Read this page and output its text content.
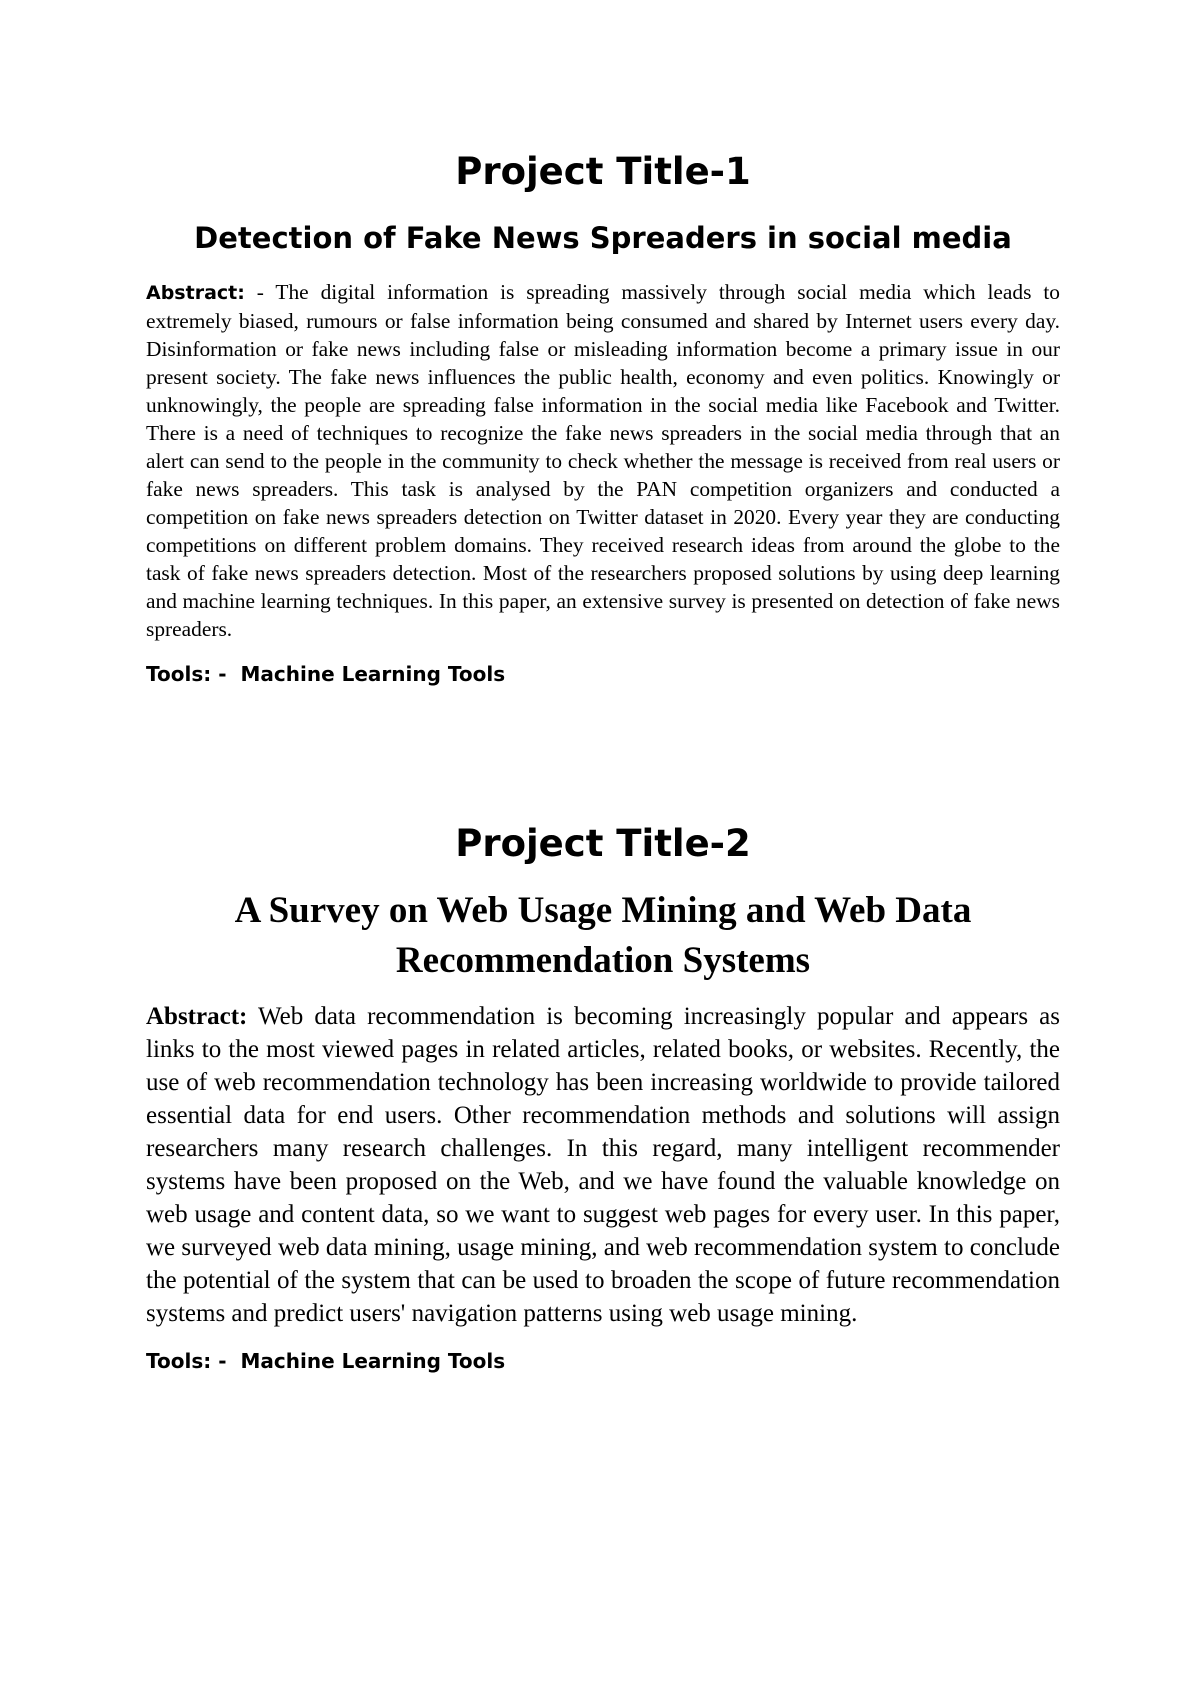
Project Title-1
Detection of Fake News Spreaders in social media

Abstract: - The digital information is spreading massively through social media which leads to extremely biased, rumours or false information being consumed and shared by Internet users every day. Disinformation or fake news including false or misleading information become a primary issue in our present society. The fake news influences the public health, economy and even politics. Knowingly or unknowingly, the people are spreading false information in the social media like Facebook and Twitter. There is a need of techniques to recognize the fake news spreaders in the social media through that an alert can send to the people in the community to check whether the message is received from real users or fake news spreaders. This task is analysed by the PAN competition organizers and conducted a competition on fake news spreaders detection on Twitter dataset in 2020. Every year they are conducting competitions on different problem domains. They received research ideas from around the globe to the task of fake news spreaders detection. Most of the researchers proposed solutions by using deep learning and machine learning techniques. In this paper, an extensive survey is presented on detection of fake news spreaders.

Tools: - Machine Learning Tools

Project Title-2
A Survey on Web Usage Mining and Web Data Recommendation Systems

Abstract: Web data recommendation is becoming increasingly popular and appears as links to the most viewed pages in related articles, related books, or websites. Recently, the use of web recommendation technology has been increasing worldwide to provide tailored essential data for end users. Other recommendation methods and solutions will assign researchers many research challenges. In this regard, many intelligent recommender systems have been proposed on the Web, and we have found the valuable knowledge on web usage and content data, so we want to suggest web pages for every user. In this paper, we surveyed web data mining, usage mining, and web recommendation system to conclude the potential of the system that can be used to broaden the scope of future recommendation systems and predict users' navigation patterns using web usage mining.

Tools: - Machine Learning Tools
